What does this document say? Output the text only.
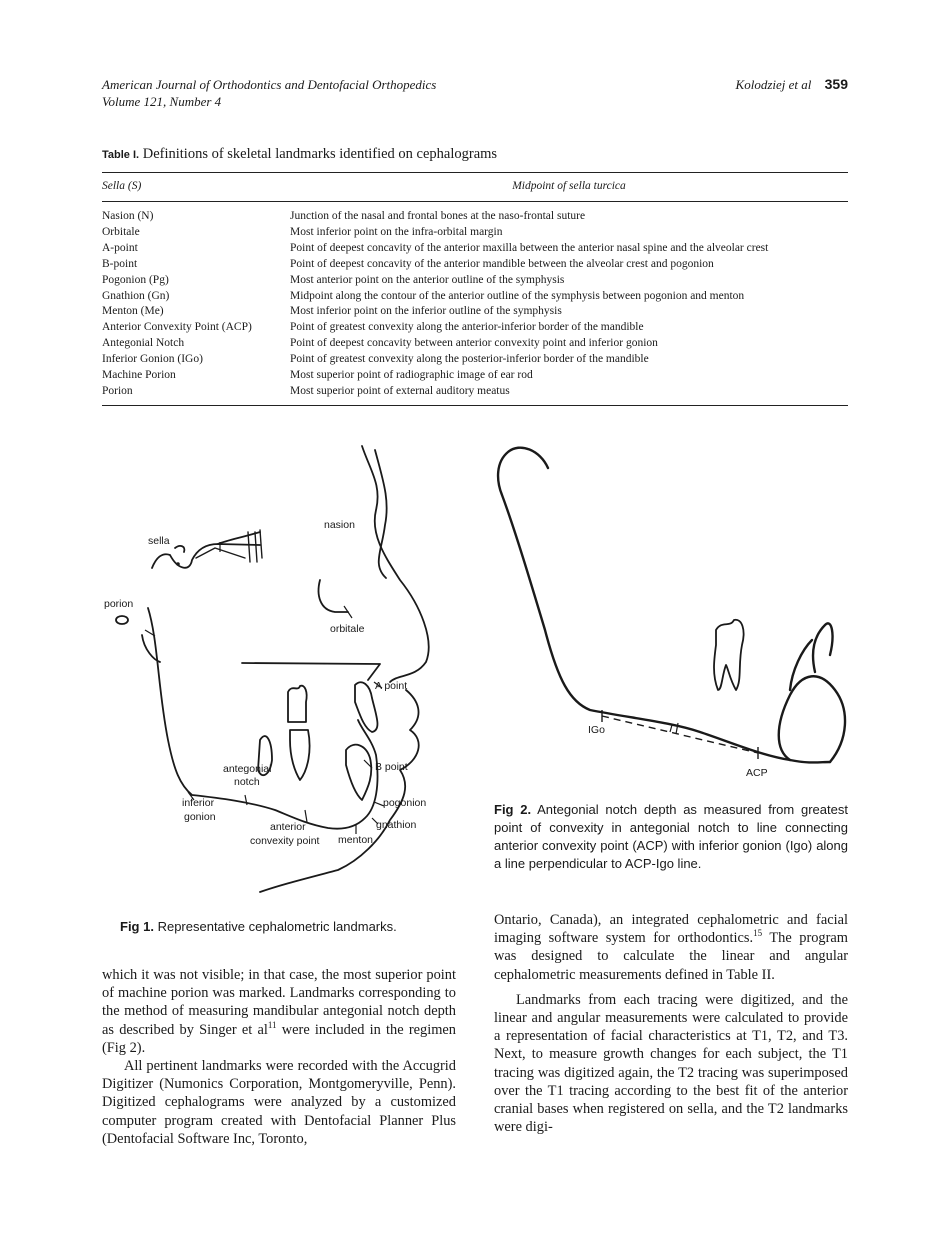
American Journal of Orthodontics and Dentofacial Orthopedics
Volume 121, Number 4
Kolodziej et al 359
Table I. Definitions of skeletal landmarks identified on cephalograms
Sella (S)	Midpoint of sella turcica
Nasion (N)	Junction of the nasal and frontal bones at the naso-frontal suture
Orbitale	Most inferior point on the infra-orbital margin
A-point	Point of deepest concavity of the anterior maxilla between the anterior nasal spine and the alveolar crest
B-point	Point of deepest concavity of the anterior mandible between the alveolar crest and pogonion
Pogonion (Pg)	Most anterior point on the anterior outline of the symphysis
Gnathion (Gn)	Midpoint along the contour of the anterior outline of the symphysis between pogonion and menton
Menton (Me)	Most inferior point on the inferior outline of the symphysis
Anterior Convexity Point (ACP)	Point of greatest convexity along the anterior-inferior border of the mandible
Antegonial Notch	Point of deepest concavity between anterior convexity point and inferior gonion
Inferior Gonion (IGo)	Point of greatest convexity along the posterior-inferior border of the mandible
Machine Porion	Most superior point of radiographic image of ear rod
Porion	Most superior point of external auditory meatus
sella
nasion
porion
orbitale
A point
antegonial
notch
B point
inferior
gonion
pogonion
anterior
convexity point
gnathion
menton
Fig 1. Representative cephalometric landmarks.
IGo
ACP
Fig 2. Antegonial notch depth as measured from greatest point of convexity in antegonial notch to line connecting anterior convexity point (ACP) with inferior gonion (Igo) along a line perpendicular to ACP-Igo line.

which it was not visible; in that case, the most superior point of machine porion was marked. Landmarks corresponding to the method of measuring mandibular antegonial notch depth as described by Singer et $al^{11}$ were included in the regimen (Fig 2).

All pertinent landmarks were recorded with the Accugrid Digitizer (Numonics Corporation, Montgomeryville, Penn). Digitized cephalograms were analyzed by a customized computer program created with Dentofacial Planner Plus (Dentofacial Software Inc, Toronto,

Ontario, Canada), an integrated cephalometric and facial imaging software system for orthodontics.$^{15}$ The program was designed to calculate the linear and angular cephalometric measurements defined in Table II.

Landmarks from each tracing were digitized, and the linear and angular measurements were calculated to provide a representation of facial characteristics at T1, T2, and T3. Next, to measure growth changes for each subject, the T1 tracing was digitized again, the T2 tracing was superimposed over the T1 tracing according to the best fit of the anterior cranial bases when registered on sella, and the T2 landmarks were digi-
